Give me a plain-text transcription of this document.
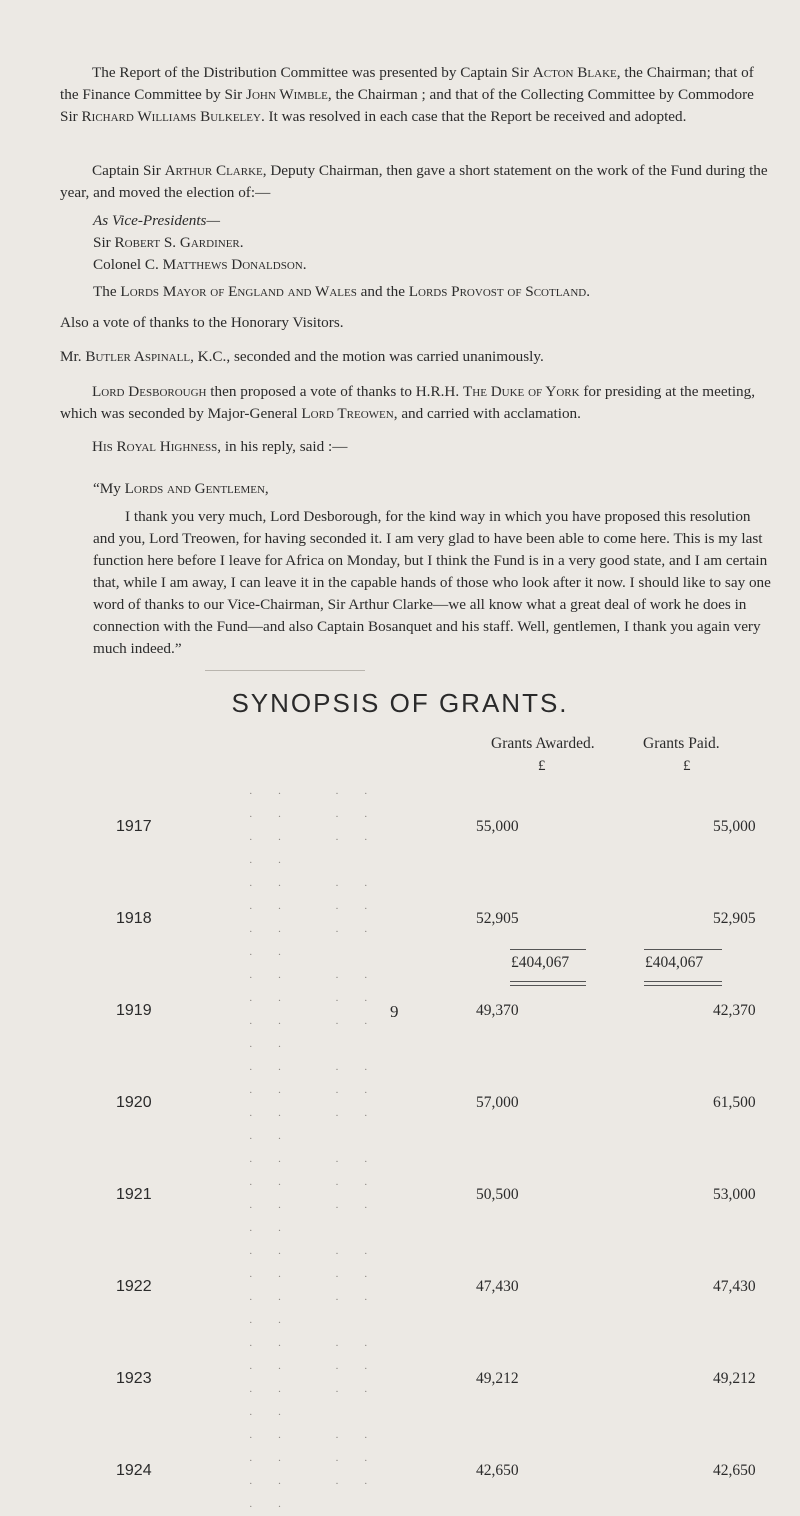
The Report of the Distribution Committee was presented by Captain Sir Acton Blake, the Chairman; that of the Finance Committee by Sir John Wimble, the Chairman ; and that of the Collecting Committee by Commodore Sir Richard Williams Bulkeley. It was resolved in each case that the Report be received and adopted.

Captain Sir Arthur Clarke, Deputy Chairman, then gave a short statement on the work of the Fund during the year, and moved the election of:—

As Vice-Presidents—

Sir Robert S. Gardiner.

Colonel C. Matthews Donaldson.

The Lords Mayor of England and Wales and the Lords Provost of Scotland.

Also a vote of thanks to the Honorary Visitors.

Mr. Butler Aspinall, K.C., seconded and the motion was carried unanimously.

Lord Desborough then proposed a vote of thanks to H.R.H. The Duke of York for presiding at the meeting, which was seconded by Major-General Lord Treowen, and carried with acclamation.

His Royal Highness, in his reply, said :—

“My Lords and Gentlemen,

I thank you very much, Lord Desborough, for the kind way in which you have proposed this resolution and you, Lord Treowen, for having seconded it. I am very glad to have been able to come here. This is my last function here before I leave for Africa on Monday, but I think the Fund is in a very good state, and I am certain that, while I am away, I can leave it in the capable hands of those who look after it now. I should like to say one word of thanks to our Vice-Chairman, Sir Arthur Clarke—we all know what a great deal of work he does in connection with the Fund—and also Captain Bosanquet and his staff. Well, gentlemen, I thank you again very much indeed.”

SYNOPSIS OF GRANTS.
Grants Awarded.	Grants Paid.
£	£
1917	.. .. .. .. .. .. ..	55,000	55,000
1918	.. .. .. .. .. .. ..	52,905	52,905
1919	.. .. .. .. .. .. ..	49,370	42,370
1920	.. .. .. .. .. .. ..	57,000	61,500
1921	.. .. .. .. .. .. ..	50,500	53,000
1922	.. .. .. .. .. .. ..	47,430	47,430
1923	.. .. .. .. .. .. ..	49,212	49,212
1924	.. .. .. .. .. .. ..	42,650	42,650
£404,067	£404,067
9
